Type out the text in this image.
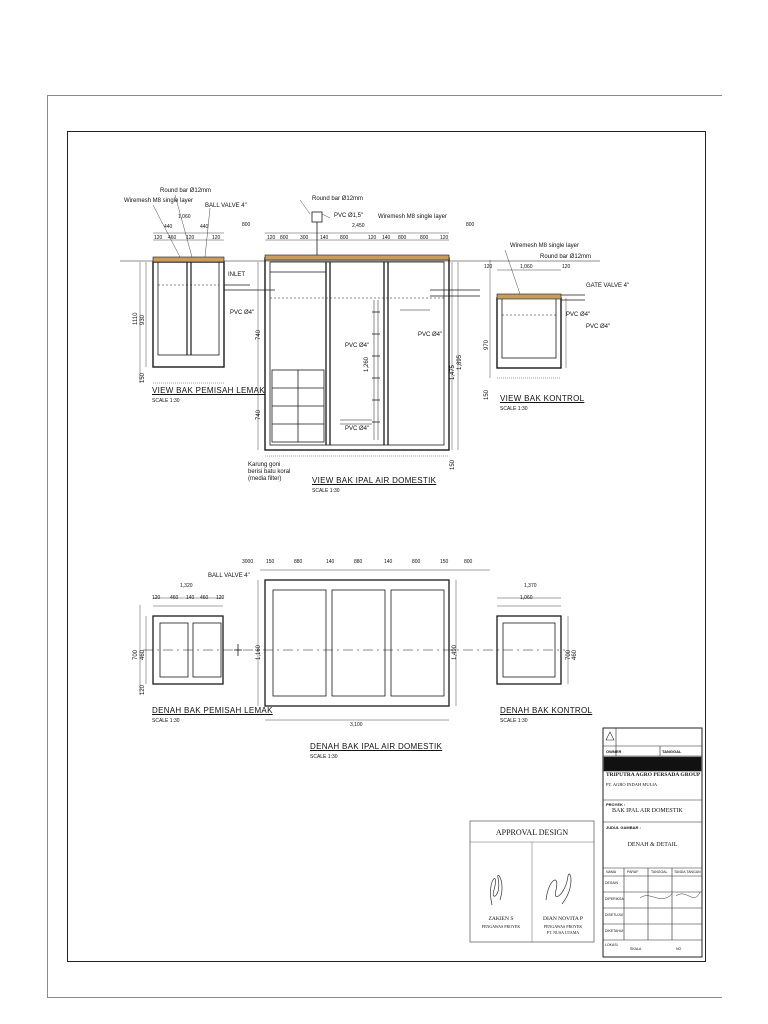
VIEW BAK PEMISAH LEMAK
SCALE 1:30
VIEW BAK IPAL AIR DOMESTIK
SCALE 1:30
VIEW BAK KONTROL
SCALE 1:30
Round bar Ø12mm
Wiremesh M8 single layer
BALL VALVE 4"
PVC Ø4"
INLET
Round bar Ø12mm
PVC Ø1,5" Wiremesh M8 single layer
PVC Ø4"
PVC Ø4"
PVC Ø4"
Karung goni berisi batu koral (media filter)
Wiremesh M8 single layer
Round bar Ø12mm
PVC Ø4"
GATE VALVE 4"
PVC Ø4"
1,060
440	440
120 460 120	120
1110 930
150
800
120 800
2,450
300 140 800	120 140 800	800 120
800
740
740
1,260
1,475
1,895
150
1,060
120	120
970
150
DENAH BAK PEMISAH LEMAK
SCALE 1:30
BALL VALVE 4"
1,320
120 460 140 460 120
700 460
120
DENAH BAK IPAL AIR DOMESTIK
SCALE 1:30
3000	150	880	140	880	140	800	150	800
3,100
1,160	1,490
DENAH BAK KONTROL
SCALE 1:30
1,370
1,060
700 460
APPROVAL DESIGN
ZAKIEN S
PENGAWAS PROYEK
DIAN NOVITA P
PENGAWAS PROYEK
PT. NUSA UTAMA
OWNER	TANGGAL
TRIPUTRA AGRO PERSADA GROUP
PT. AGRO INDAH MULIA
PROYEK :
BAK IPAL AIR DOMESTIK
JUDUL GAMBAR :
DENAH & DETAIL
NAMA	PARAF	TANGGAL TANDA TANGAN
DESAIN
DIPERIKSA
DISETUJUI
DIKETAHUI
LOKASI
SKALA	NO
